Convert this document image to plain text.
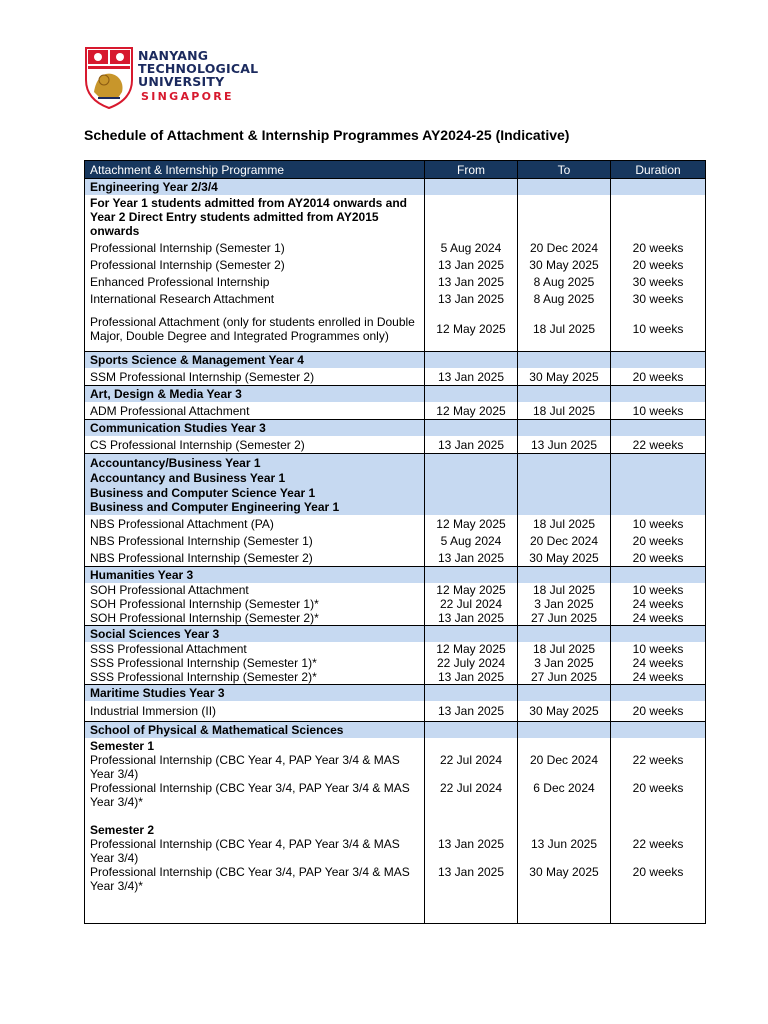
NANYANG
TECHNOLOGICAL
UNIVERSITY
SINGAPORE
Schedule of Attachment & Internship Programmes AY2024-25 (Indicative)
Attachment & Internship Programme	From	To	Duration
Engineering Year 2/3/4			
For Year 1 students admitted from AY2014 onwards and Year 2 Direct Entry students admitted from AY2015 onwards			
Professional Internship (Semester 1)	5 Aug 2024	20 Dec 2024	20 weeks
Professional Internship (Semester 2)	13 Jan 2025	30 May 2025	20 weeks
Enhanced Professional Internship	13 Jan 2025	8 Aug 2025	30 weeks
International Research Attachment	13 Jan 2025	8 Aug 2025	30 weeks
Professional Attachment (only for students enrolled in Double Major, Double Degree and Integrated Programmes only)	12 May 2025	18 Jul 2025	10 weeks
Sports Science & Management Year 4			
SSM Professional Internship (Semester 2)	13 Jan 2025	30 May 2025	20 weeks
Art, Design & Media Year 3			
ADM Professional Attachment	12 May 2025	18 Jul 2025	10 weeks
Communication Studies Year 3			
CS Professional Internship (Semester 2)	13 Jan 2025	13 Jun 2025	22 weeks

Accountancy/Business Year 1
Accountancy and Business Year 1
Business and Computer Science Year 1
Business and Computer Engineering Year 1			

NBS Professional Attachment (PA)	12 May 2025	18 Jul 2025	10 weeks
NBS Professional Internship (Semester 1)	5 Aug 2024	20 Dec 2024	20 weeks
NBS Professional Internship (Semester 2)	13 Jan 2025	30 May 2025	20 weeks
Humanities Year 3			
SOH Professional Attachment	12 May 2025	18 Jul 2025	10 weeks
SOH Professional Internship (Semester 1)*	22 Jul 2024	3 Jan 2025	24 weeks
SOH Professional Internship (Semester 2)*	13 Jan 2025	27 Jun 2025	24 weeks
Social Sciences Year 3			
SSS Professional Attachment	12 May 2025	18 Jul 2025	10 weeks
SSS Professional Internship (Semester 1)*	22 July 2024	3 Jan 2025	24 weeks
SSS Professional Internship (Semester 2)*	13 Jan 2025	27 Jun 2025	24 weeks
Maritime Studies Year 3			
Industrial Immersion (II)	13 Jan 2025	30 May 2025	20 weeks
School of Physical & Mathematical Sciences			
Semester 1			
Professional Internship (CBC Year 4, PAP Year 3/4 & MAS Year 3/4)	22 Jul 2024	20 Dec 2024	22 weeks
Professional Internship (CBC Year 3/4, PAP Year 3/4 & MAS Year 3/4)*	22 Jul 2024	6 Dec 2024	20 weeks
Semester 2			
Professional Internship (CBC Year 4, PAP Year 3/4 & MAS Year 3/4)	13 Jan 2025	13 Jun 2025	22 weeks
Professional Internship (CBC Year 3/4, PAP Year 3/4 & MAS Year 3/4)*	13 Jan 2025	30 May 2025	20 weeks
